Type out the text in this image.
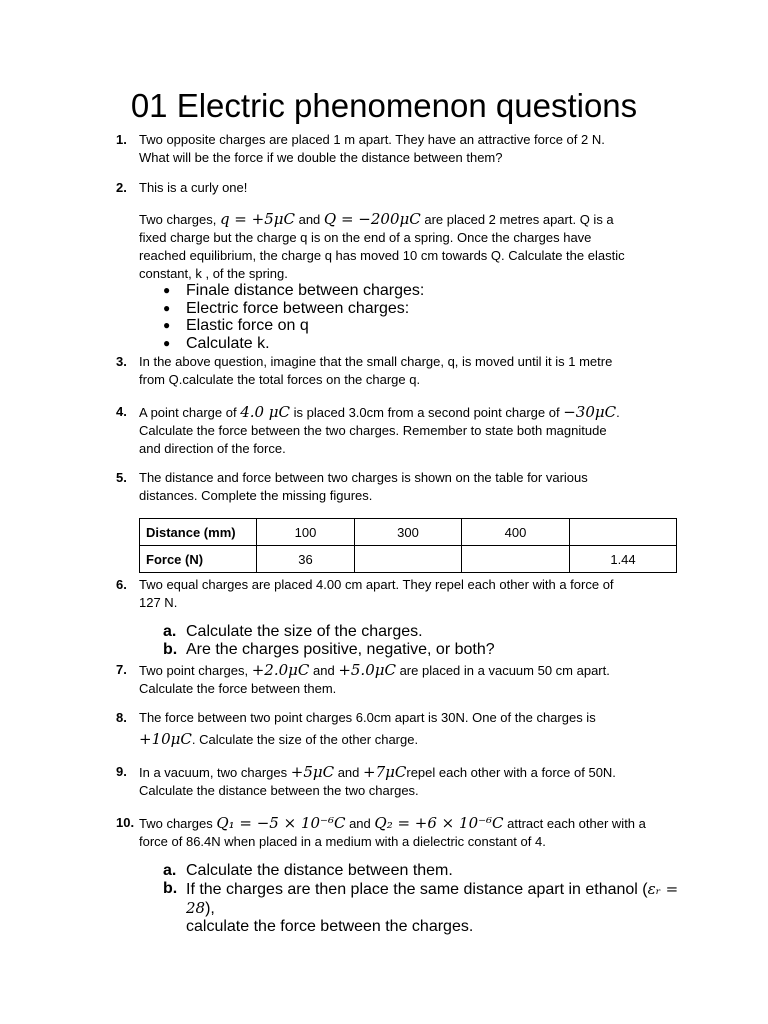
01 Electric phenomenon questions
1. Two opposite charges are placed 1 m apart. They have an attractive force of 2 N.
What will be the force if we double the distance between them?
2. This is a curly one!
Two charges, q = +5μC and Q = −200μC are placed 2 metres apart. Q is a
fixed charge but the charge q is on the end of a spring. Once the charges have
reached equilibrium, the charge q has moved 10 cm towards Q. Calculate the elastic
constant, k , of the spring.
● Finale distance between charges:
● Electric force between charges:
● Elastic force on q
● Calculate k.
3. In the above question, imagine that the small charge, q, is moved until it is 1 metre
from Q.calculate the total forces on the charge q.
4. A point charge of 4.0 μC is placed 3.0cm from a second point charge of −30μC.
Calculate the force between the two charges. Remember to state both magnitude
and direction of the force.
5. The distance and force between two charges is shown on the table for various
distances. Complete the missing figures.
Distance (mm)	100	300	400	
Force (N)	36			1.44
6. Two equal charges are placed 4.00 cm apart. They repel each other with a force of
127 N.
a. Calculate the size of the charges.
b. Are the charges positive, negative, or both?
7. Two point charges, +2.0μC and +5.0μC are placed in a vacuum 50 cm apart.
Calculate the force between them.
8. The force between two point charges 6.0cm apart is 30N. One of the charges is
+10μC. Calculate the size of the other charge.
9. In a vacuum, two charges +5μC and +7μCrepel each other with a force of 50N.
Calculate the distance between the two charges.
10. Two charges Q₁ = −5 × 10⁻⁶C and Q₂ = +6 × 10⁻⁶C attract each other with a
force of 86.4N when placed in a medium with a dielectric constant of 4.
a. Calculate the distance between them.
b. If the charges are then place the same distance apart in ethanol (εᵣ = 28),
calculate the force between the charges.
